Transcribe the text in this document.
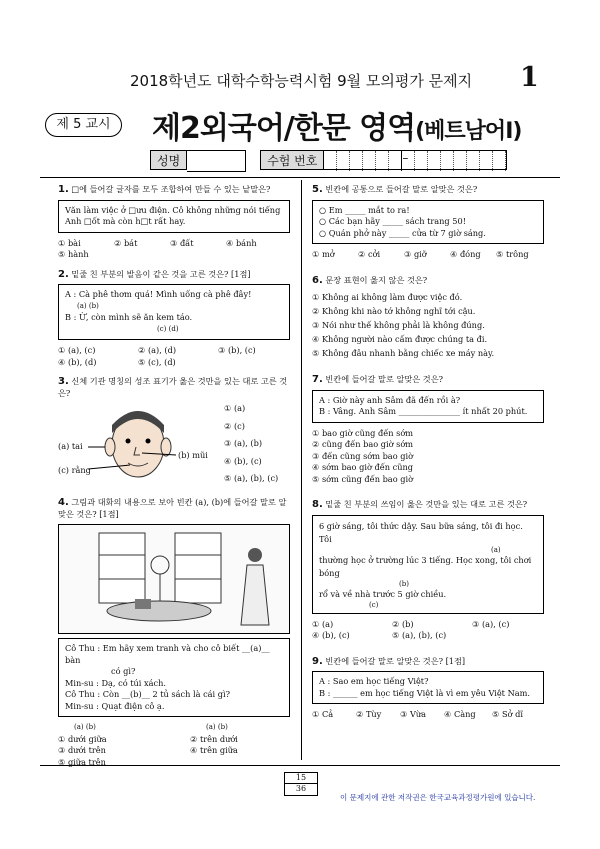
2018학년도 대학수학능력시험 9월 모의평가 문제지 1
제 5 교시	제2외국어/한문 영역(베트남어Ⅰ)
성명	수험 번호	–
1. □에 들어갈 글자를 모두 조합하여 만들 수 있는 낱말은?
Văn làm việc ở □ưu điện. Cô không những nói tiếng
Anh □ốt mà còn h□t rất hay.
① bài	② bát	③ đất	④ bánh
⑤ hành
2. 밑줄 친 부분의 발음이 같은 것을 고른 것은? [1점]
A : Cà phê thơm quá! Mình uống cà phê đây!
(a) (b)
B : Ừ, còn mình sẽ ăn kem táo.
(c) (d)
① (a), (c)	② (a), (d)	③ (b), (c)
④ (b), (d)	⑤ (c), (d)
3. 신체 기관 명칭의 성조 표기가 옳은 것만을 있는 대로 고른 것은?
(a) tai
(b) mũi
(c) rằng
① (a)
② (c)
③ (a), (b)
④ (b), (c)
⑤ (a), (b), (c)
4. 그림과 대화의 내용으로 보아 빈칸 (a), (b)에 들어갈 말로 알맞은 것은? [1점]
Cô Thu : Em hãy xem tranh và cho cô biết __(a)__ bàn
có gì?
Min-su : Dạ, có túi xách.
Cô Thu : Còn __(b)__ 2 tủ sách là cái gì?
Min-su : Quạt điện cô ạ.
(a) (b)	(a) (b)
① dưới giữa	② trên dưới
③ dưới trên	④ trên giữa
⑤ giữa trên
5. 빈칸에 공통으로 들어갈 말로 알맞은 것은?
○ Em _____ mắt to ra!
○ Các bạn hãy _____ sách trang 50!
○ Quán phở này _____ cửa từ 7 giờ sáng.
① mở	② cởi	③ giỡ	④ đóng	⑤ trông
6. 문장 표현이 옳지 않은 것은?
① Không ai không làm được việc đó.
② Không khi nào tớ không nghĩ tới cậu.
③ Nói như thế không phải là không đúng.
④ Không người nào cấm được chúng ta đi.
⑤ Không đâu nhanh bằng chiếc xe máy này.
7. 빈칸에 들어갈 말로 알맞은 것은?
A : Giờ này anh Sâm đã đến rồi à?
B : Vâng. Anh Sâm _______________ ít nhất 20 phút.
① bao giờ cũng đến sớm
② cũng đến bao giờ sớm
③ đến cũng sớm bao giờ
④ sớm bao giờ đến cũng
⑤ sớm cũng đến bao giờ
8. 밑줄 친 부분의 쓰임이 옳은 것만을 있는 대로 고른 것은?
6 giờ sáng, tôi thức dậy. Sau bữa sáng, tôi đi học. Tôi
(a)
thường học ở trường lúc 3 tiếng. Học xong, tôi chơi bóng
(b)
rổ và về nhà trước 5 giờ chiều.
(c)
① (a)	② (b)	③ (a), (c)
④ (b), (c)	⑤ (a), (b), (c)
9. 빈칸에 들어갈 말로 알맞은 것은? [1점]
A : Sao em học tiếng Việt?
B : ______ em học tiếng Việt là vì em yêu Việt Nam.
① Cả	② Tùy	③ Vừa	④ Càng	⑤ Sở dĩ
15
36
이 문제지에 관한 저작권은 한국교육과정평가원에 있습니다.
